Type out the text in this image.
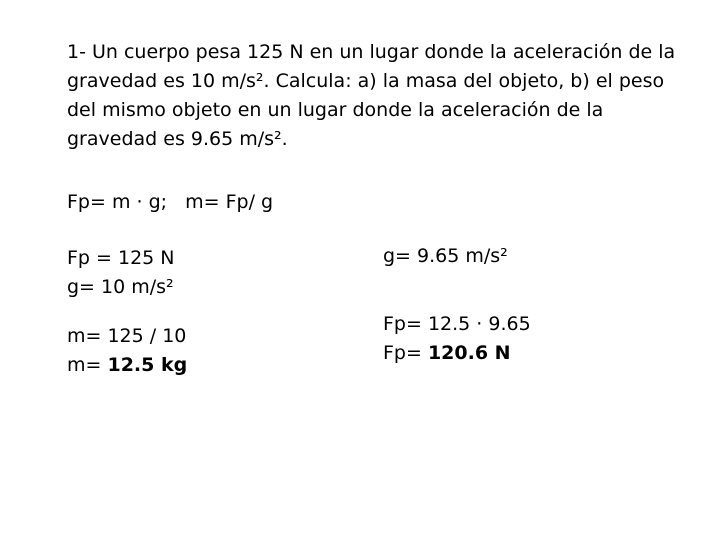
1- Un cuerpo pesa 125 N en un lugar donde la aceleración de la gravedad es 10 m/s². Calcula: a) la masa del objeto, b) el peso del mismo objeto en un lugar donde la aceleración de la gravedad es 9.65 m/s².

Fp= m · g;   m= Fp/ g

Fp = 125 N
g= 10 m/s²
m= 125 / 10
m= 12.5 kg
g= 9.65 m/s²
Fp= 12.5 · 9.65
Fp= 120.6 N
